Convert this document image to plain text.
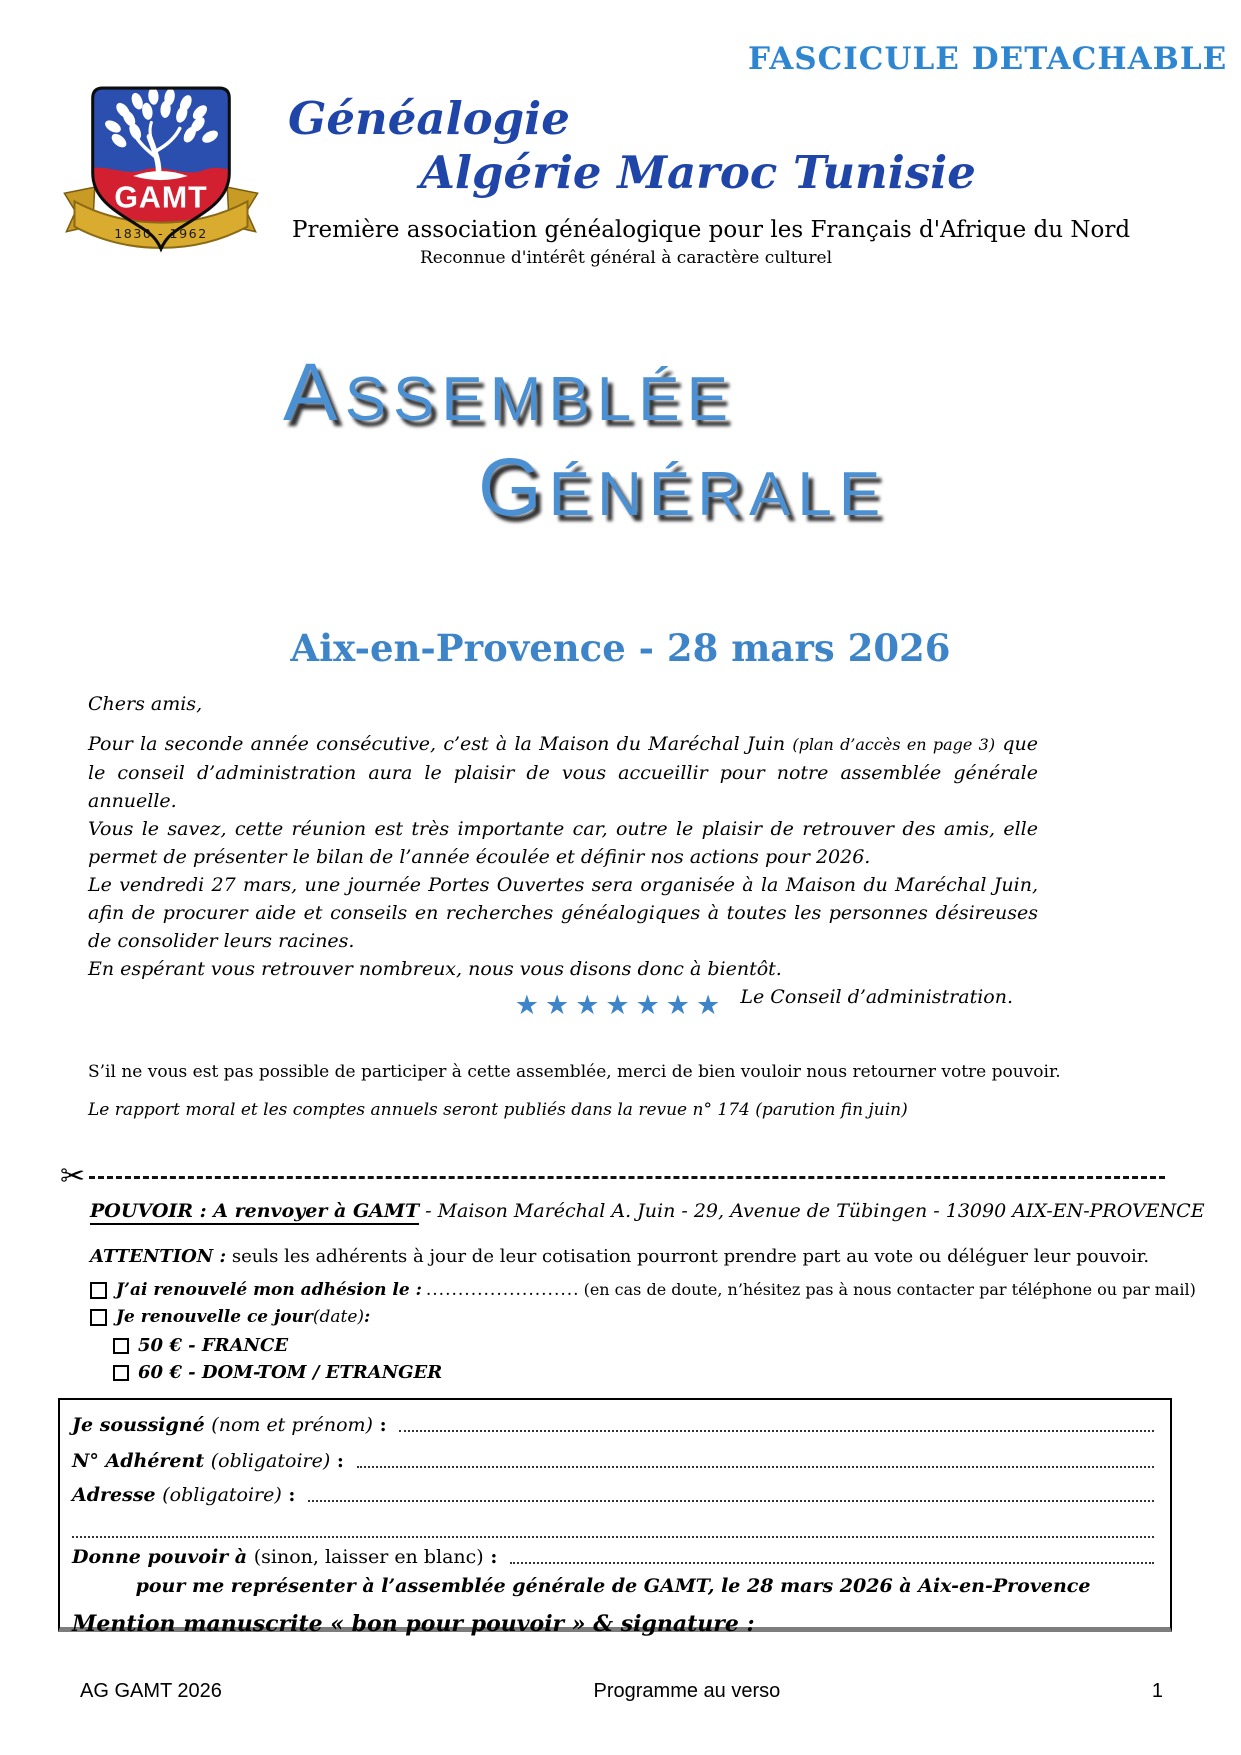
FASCICULE DETACHABLE
GAMT
1830 - 1962
Généalogie
Algérie Maroc Tunisie
Première association généalogique pour les Français d'Afrique du Nord
Reconnue d'intérêt général à caractère culturel
A SSEMBLÉE
G ÉNÉRALE
Aix-en-Provence - 28 mars 2026

Chers amis,

Pour la seconde année consécutive, c’est à la Maison du Maréchal Juin (plan d’accès en page 3) que le conseil d’administration aura le plaisir de vous accueillir pour notre assemblée générale annuelle.

Vous le savez, cette réunion est très importante car, outre le plaisir de retrouver des amis, elle permet de présenter le bilan de l’année écoulée et définir nos actions pour 2026.

Le vendredi 27 mars, une journée Portes Ouvertes sera organisée à la Maison du Maréchal Juin, afin de procurer aide et conseils en recherches généalogiques à toutes les personnes désireuses de consolider leurs racines.

En espérant vous retrouver nombreux, nous vous disons donc à bientôt.

Le Conseil d’administration.

★★★★★★★
S’il ne vous est pas possible de participer à cette assemblée, merci de bien vouloir nous retourner votre pouvoir.
Le rapport moral et les comptes annuels seront publiés dans la revue n° 174 (parution fin juin)
✂
POUVOIR : A renvoyer à GAMT - Maison Maréchal A. Juin - 29, Avenue de Tübingen - 13090 AIX-EN-PROVENCE
ATTENTION : seuls les adhérents à jour de leur cotisation pourront prendre part au vote ou déléguer leur pouvoir.
J’ai renouvelé mon adhésion le : ........................ (en cas de doute, n’hésitez pas à nous contacter par téléphone ou par mail)
Je renouvelle ce jour (date) :
50 € - FRANCE
60 € - DOM-TOM / ETRANGER
Je soussigné (nom et prénom) :
N° Adhérent (obligatoire) :
Adresse (obligatoire) :
Donne pouvoir à (sinon, laisser en blanc) :
pour me représenter à l’assemblée générale de GAMT, le 28 mars 2026 à Aix-en-Provence
Mention manuscrite « bon pour pouvoir » & signature :
AG GAMT 2026	Programme au verso	1
